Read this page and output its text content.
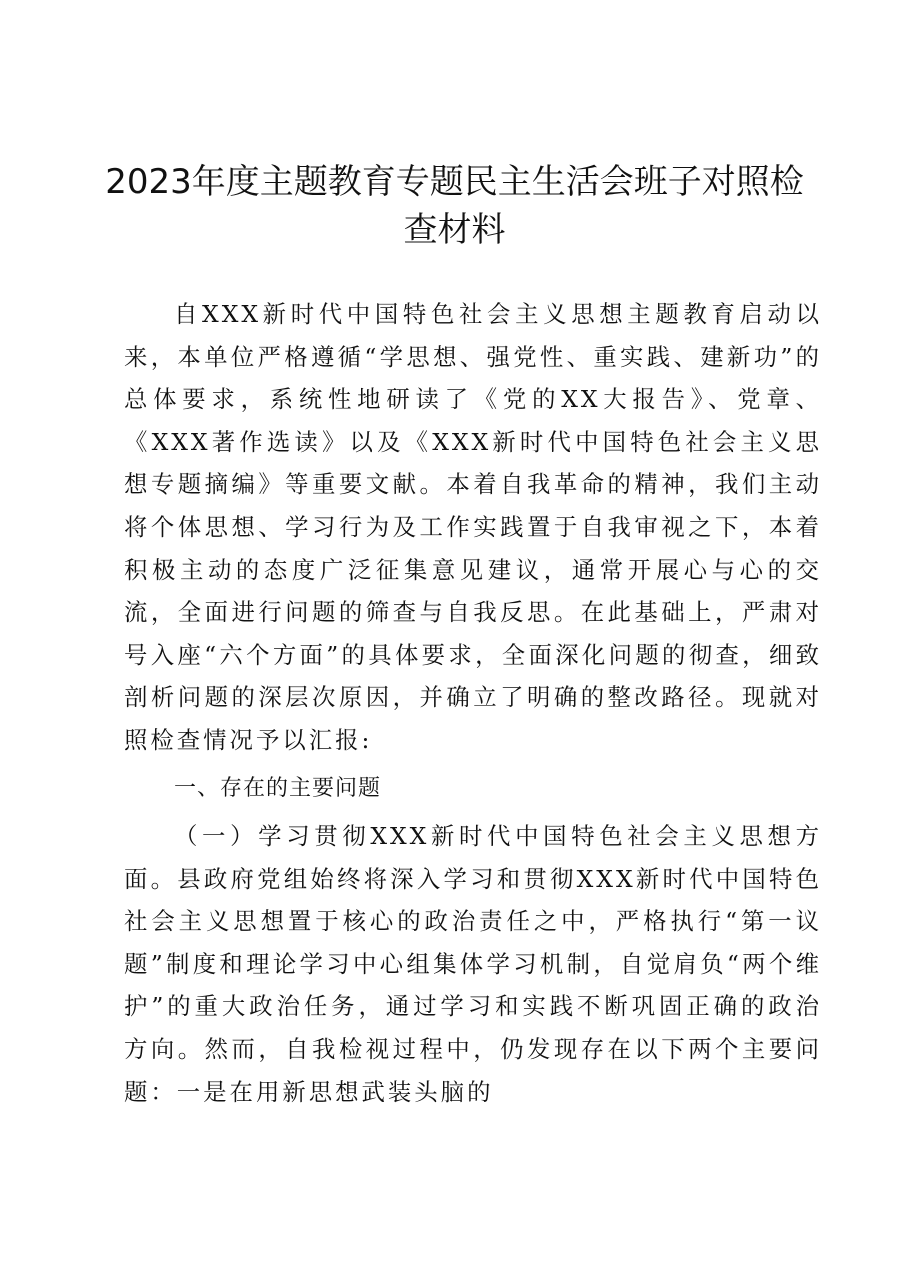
2023年度主题教育专题民主生活会班子对照检查材料

自XXX新时代中国特色社会主义思想主题教育启动以来，本单位严格遵循“学思想、强党性、重实践、建新功”的总体要求，系统性地研读了《党的XX大报告》、党章、《XXX著作选读》以及《XXX新时代中国特色社会主义思想专题摘编》等重要文献。本着自我革命的精神，我们主动将个体思想、学习行为及工作实践置于自我审视之下，本着积极主动的态度广泛征集意见建议，通常开展心与心的交流，全面进行问题的筛查与自我反思。在此基础上，严肃对号入座“六个方面”的具体要求，全面深化问题的彻查，细致剖析问题的深层次原因，并确立了明确的整改路径。现就对照检查情况予以汇报:

一、存在的主要问题

（一）学习贯彻XXX新时代中国特色社会主义思想方面。县政府党组始终将深入学习和贯彻XXX新时代中国特色社会主义思想置于核心的政治责任之中，严格执行“第一议题”制度和理论学习中心组集体学习机制，自觉肩负“两个维护”的重大政治任务，通过学习和实践不断巩固正确的政治方向。然而，自我检视过程中，仍发现存在以下两个主要问题：一是在用新思想武装头脑的
